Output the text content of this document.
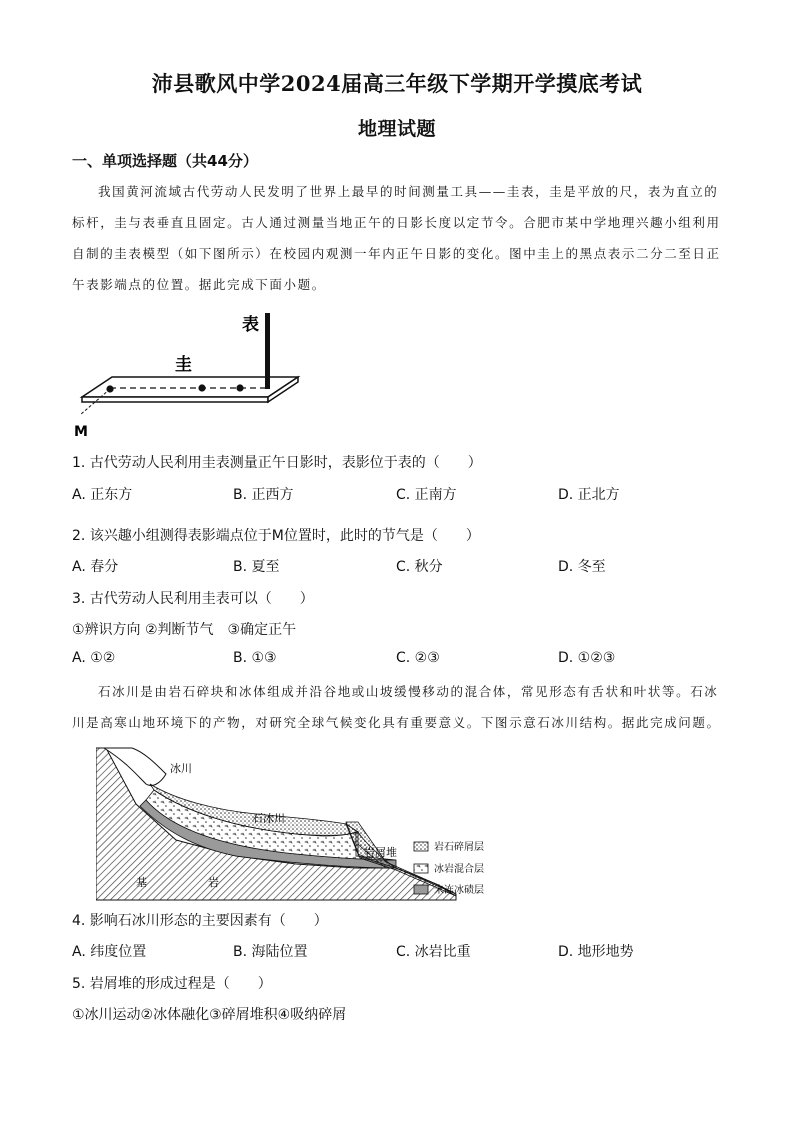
沛县歌风中学2024届高三年级下学期开学摸底考试
地理试题
一、单项选择题（共44分）
我国黄河流域古代劳动人民发明了世界上最早的时间测量工具——圭表，圭是平放的尺，表为直立的标杆，圭与表垂直且固定。古人通过测量当地正午的日影长度以定节令。合肥市某中学地理兴趣小组利用自制的圭表模型（如下图所示）在校园内观测一年内正午日影的变化。图中圭上的黑点表示二分二至日正午表影端点的位置。据此完成下面小题。
表
圭
M
1. 古代劳动人民利用圭表测量正午日影时，表影位于表的（　　）
A. 正东方	B. 正西方	C. 正南方	D. 正北方
2. 该兴趣小组测得表影端点位于M位置时，此时的节气是（　　）
A. 春分	B. 夏至	C. 秋分	D. 冬至
3. 古代劳动人民利用圭表可以（　　）
①辨识方向 ②判断节气　③确定正午
A. ①②	B. ①③	C. ②③	D. ①②③
石冰川是由岩石碎块和冰体组成并沿谷地或山坡缓慢移动的混合体，常见形态有舌状和叶状等。石冰川是高寒山地环境下的产物，对研究全球气候变化具有重要意义。下图示意石冰川结构。据此完成问题。
冰川
石冰川
岩屑堆
基	岩
岩石碎屑层
冰岩混合层
未冻冰碛层
4. 影响石冰川形态的主要因素有（　　）
A. 纬度位置	B. 海陆位置	C. 冰岩比重	D. 地形地势
5. 岩屑堆的形成过程是（　　）
①冰川运动②冰体融化③碎屑堆积④吸纳碎屑
